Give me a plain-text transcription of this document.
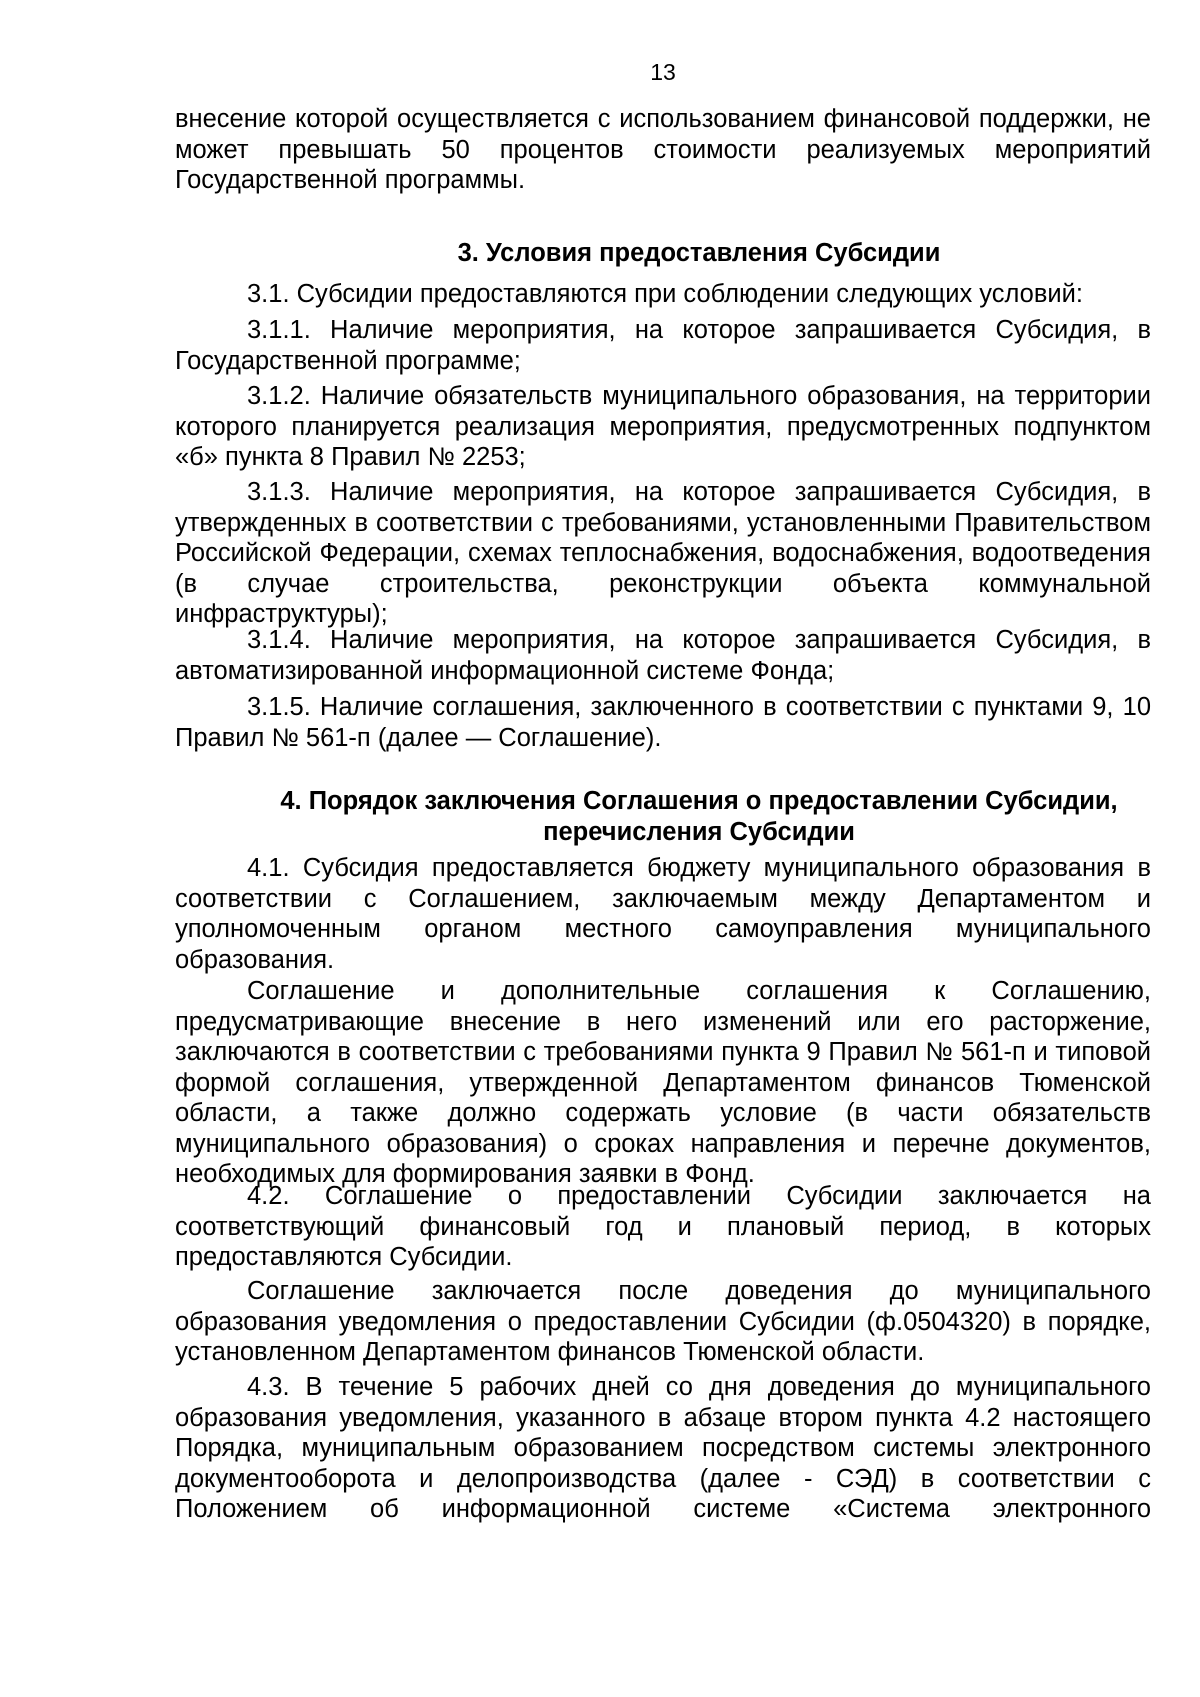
13

внесение которой осуществляется с использованием финансовой поддержки, не может превышать 50 процентов стоимости реализуемых мероприятий Государственной программы.

3. Условия предоставления Субсидии

3.1. Субсидии предоставляются при соблюдении следующих условий:

3.1.1. Наличие мероприятия, на которое запрашивается Субсидия, в Государственной программе;

3.1.2. Наличие обязательств муниципального образования, на территории которого планируется реализация мероприятия, предусмотренных подпунктом «б» пункта 8 Правил № 2253;

3.1.3. Наличие мероприятия, на которое запрашивается Субсидия, в утвержденных в соответствии с требованиями, установленными Правительством Российской Федерации, схемах теплоснабжения, водоснабжения, водоотведения (в случае строительства, реконструкции объекта коммунальной инфраструктуры);

3.1.4. Наличие мероприятия, на которое запрашивается Субсидия, в автоматизированной информационной системе Фонда;

3.1.5. Наличие соглашения, заключенного в соответствии с пунктами 9, 10 Правил № 561-п (далее — Соглашение).

4. Порядок заключения Соглашения о предоставлении Субсидии,

перечисления Субсидии

4.1. Субсидия предоставляется бюджету муниципального образования в соответствии с Соглашением, заключаемым между Департаментом и уполномоченным органом местного самоуправления муниципального образования.

Соглашение и дополнительные соглашения к Соглашению, предусматривающие внесение в него изменений или его расторжение, заключаются в соответствии с требованиями пункта 9 Правил № 561-п и типовой формой соглашения, утвержденной Департаментом финансов Тюменской области, а также должно содержать условие (в части обязательств муниципального образования) о сроках направления и перечне документов, необходимых для формирования заявки в Фонд.

4.2. Соглашение о предоставлении Субсидии заключается на соответствующий финансовый год и плановый период, в которых предоставляются Субсидии.

Соглашение заключается после доведения до муниципального образования уведомления о предоставлении Субсидии (ф.0504320) в порядке, установленном Департаментом финансов Тюменской области.

4.3. В течение 5 рабочих дней со дня доведения до муниципального образования уведомления, указанного в абзаце втором пункта 4.2 настоящего Порядка, муниципальным образованием посредством системы электронного документооборота и делопроизводства (далее - СЭД) в соответствии с Положением об информационной системе «Система электронного
